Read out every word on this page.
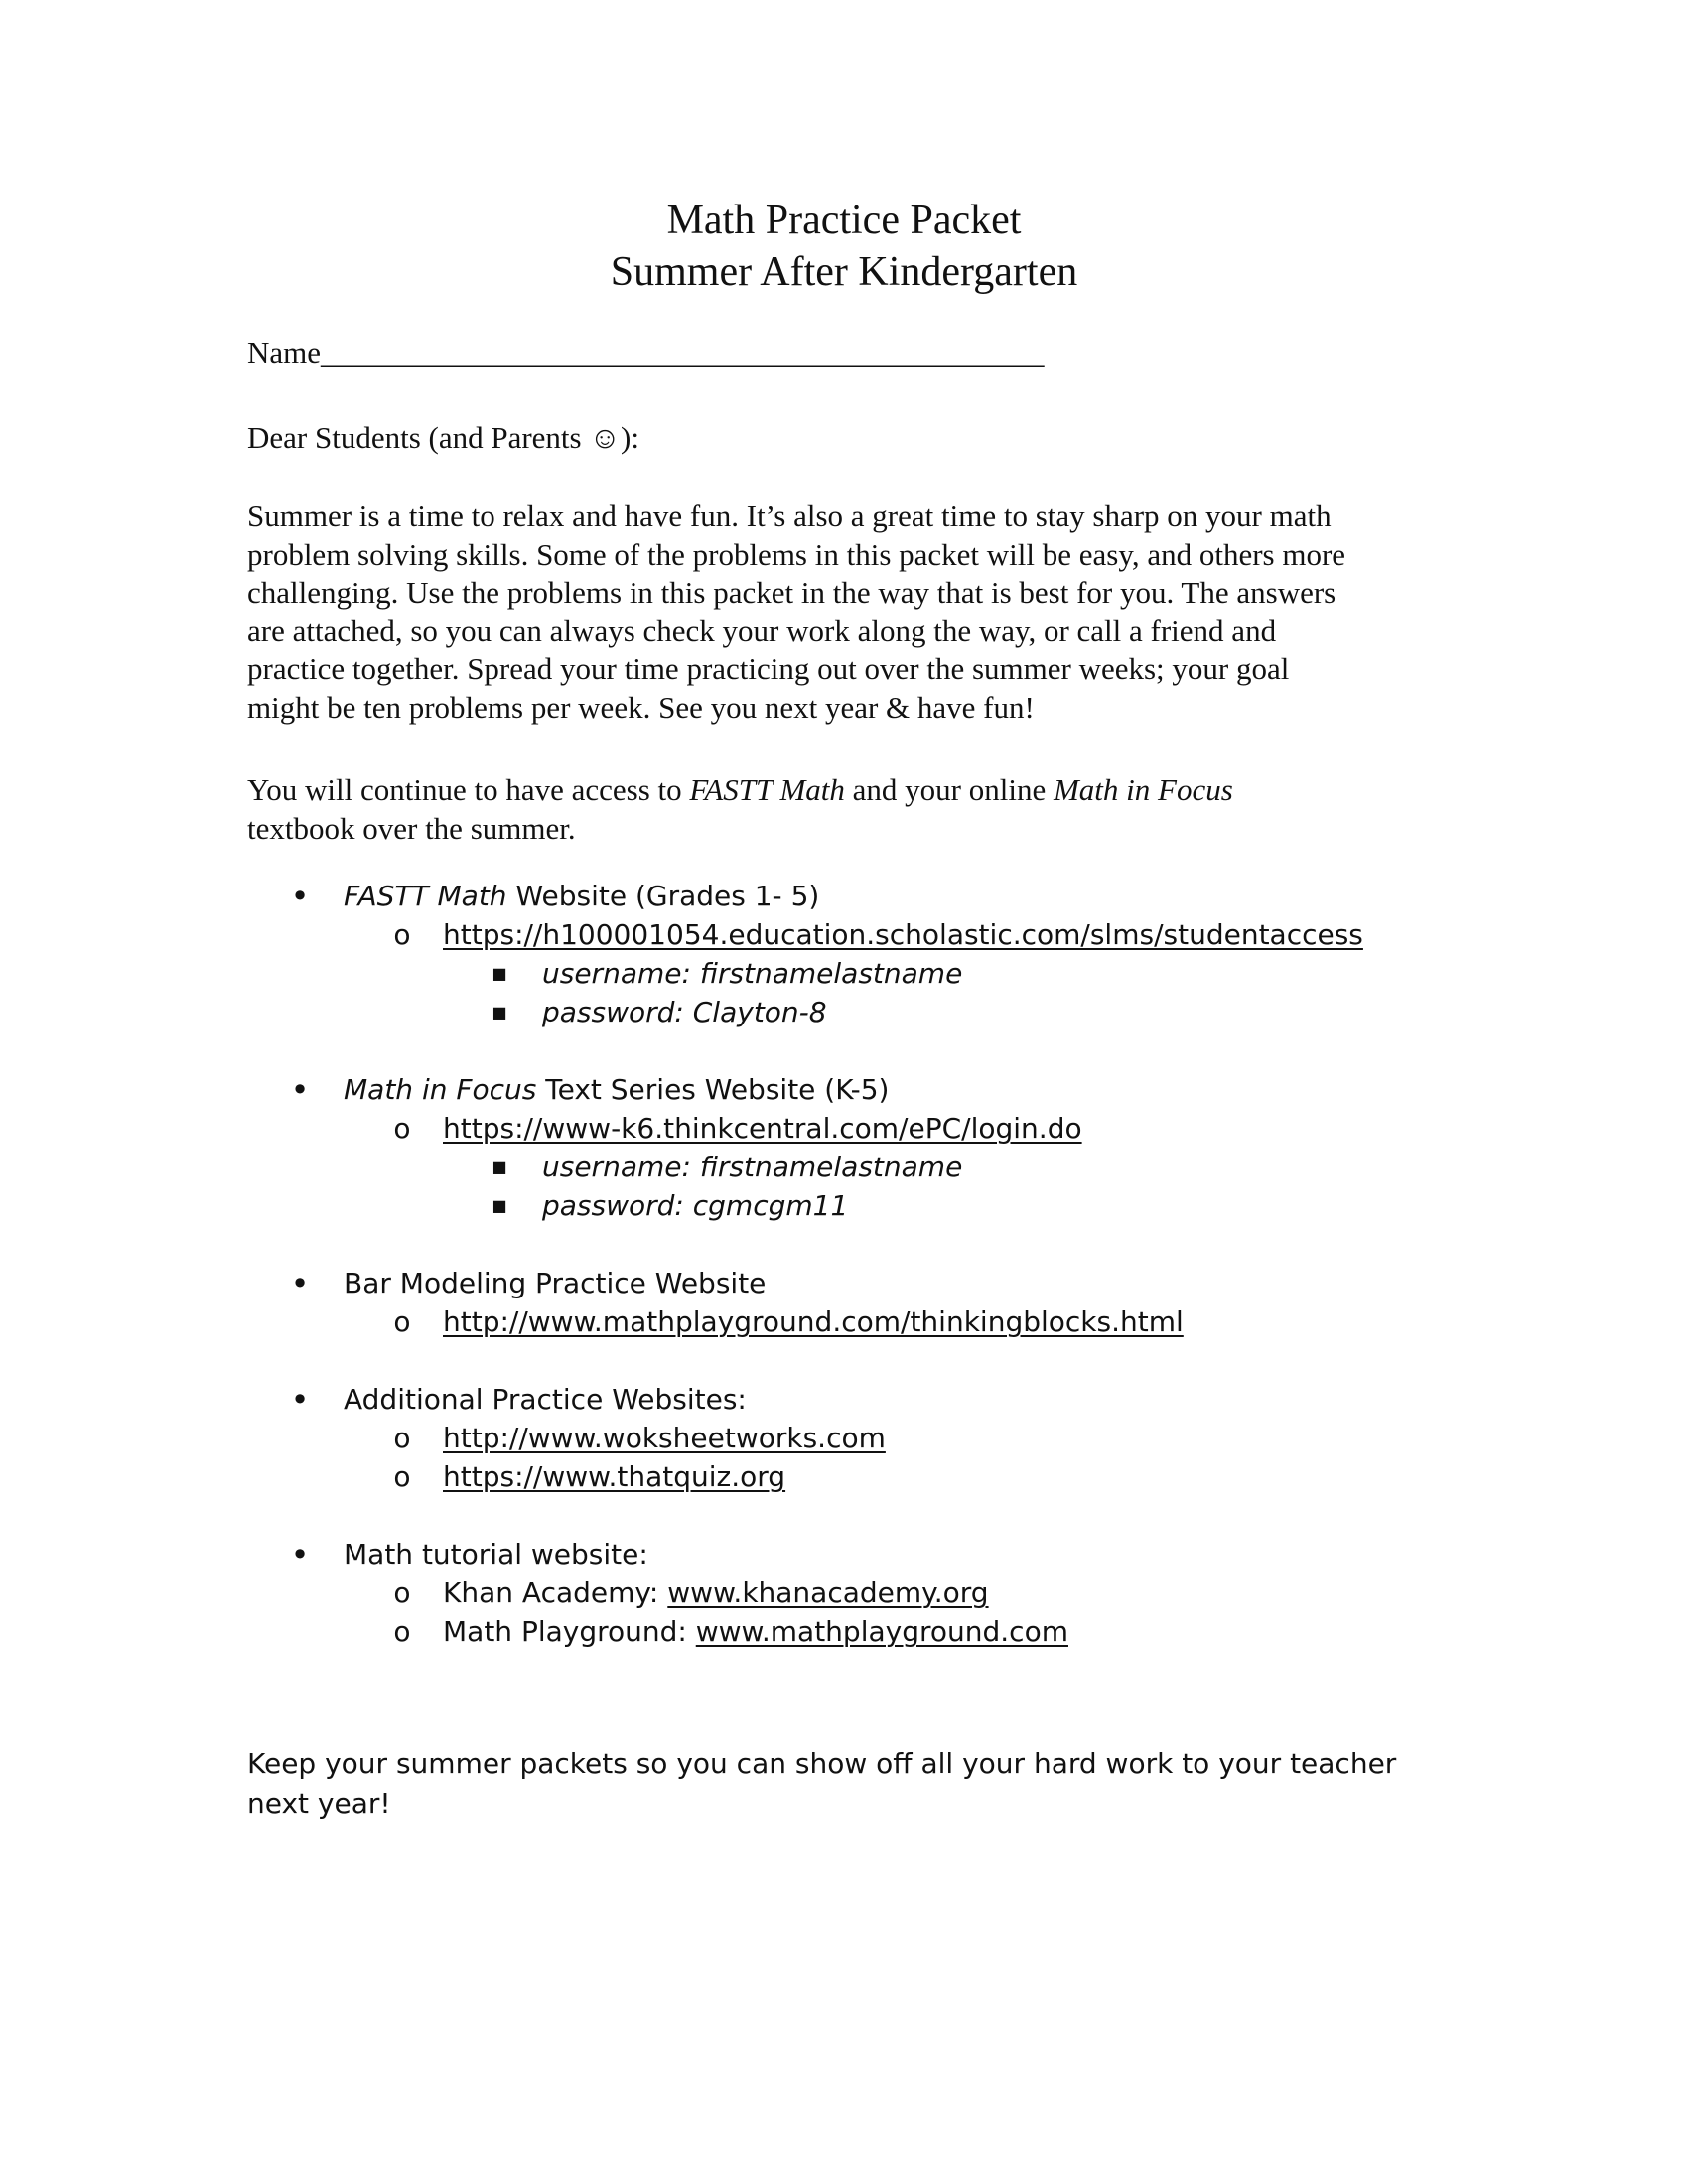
Math Practice Packet
Summer After Kindergarten
Name_______________________________________________
Dear Students (and Parents ☺):
Summer is a time to relax and have fun. It’s also a great time to stay sharp on your math
problem solving skills. Some of the problems in this packet will be easy, and others more
challenging. Use the problems in this packet in the way that is best for you. The answers
are attached, so you can always check your work along the way, or call a friend and
practice together. Spread your time practicing out over the summer weeks; your goal
might be ten problems per week. See you next year & have fun!
You will continue to have access to FASTT Math and your online Math in Focus
textbook over the summer.
• FASTT Math Website (Grades 1- 5)
o https://h100001054.education.scholastic.com/slms/studentaccess
■ username: firstnamelastname
■ password: Clayton-8
• Math in Focus Text Series Website (K-5)
o https://www-k6.thinkcentral.com/ePC/login.do
■ username: firstnamelastname
■ password: cgmcgm11
• Bar Modeling Practice Website
o http://www.mathplayground.com/thinkingblocks.html
• Additional Practice Websites:
o http://www.woksheetworks.com
o https://www.thatquiz.org
• Math tutorial website:
o Khan Academy: www.khanacademy.org
o Math Playground: www.mathplayground.com
Keep your summer packets so you can show off all your hard work to your teacher
next year!
